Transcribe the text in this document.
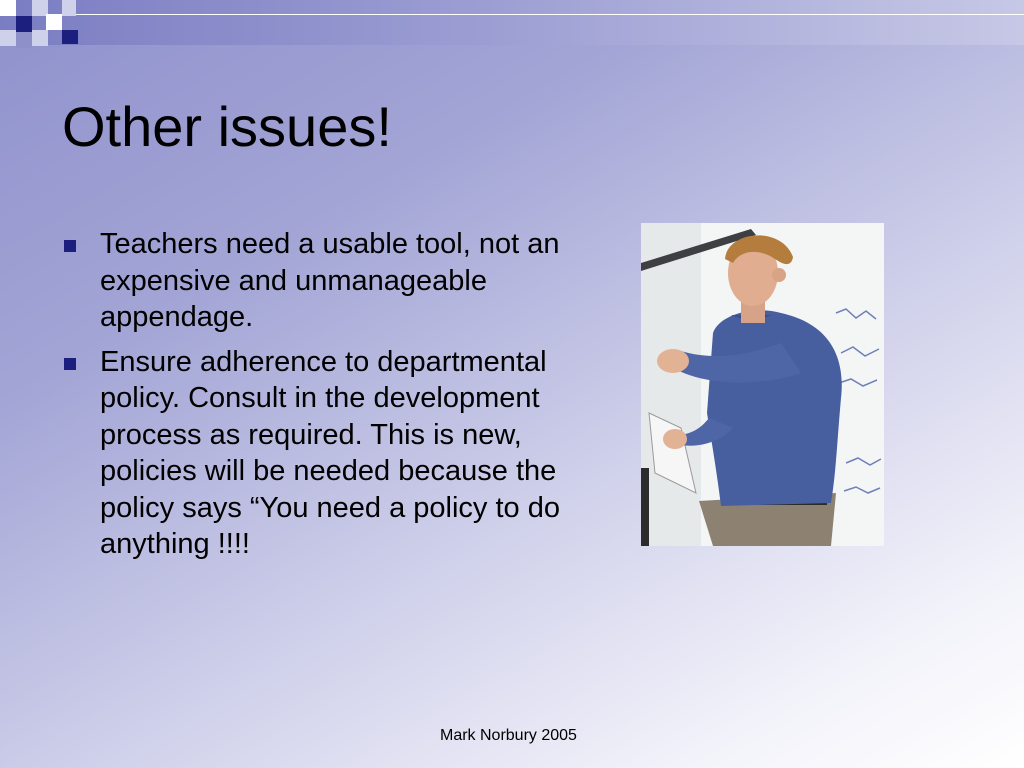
Other issues!
Teachers need a usable tool, not an expensive and unmanageable appendage.
Ensure adherence to departmental policy. Consult in the development process as required. This is new, policies will be needed because the policy says “You need a policy to do anything !!!!
Mark Norbury 2005
